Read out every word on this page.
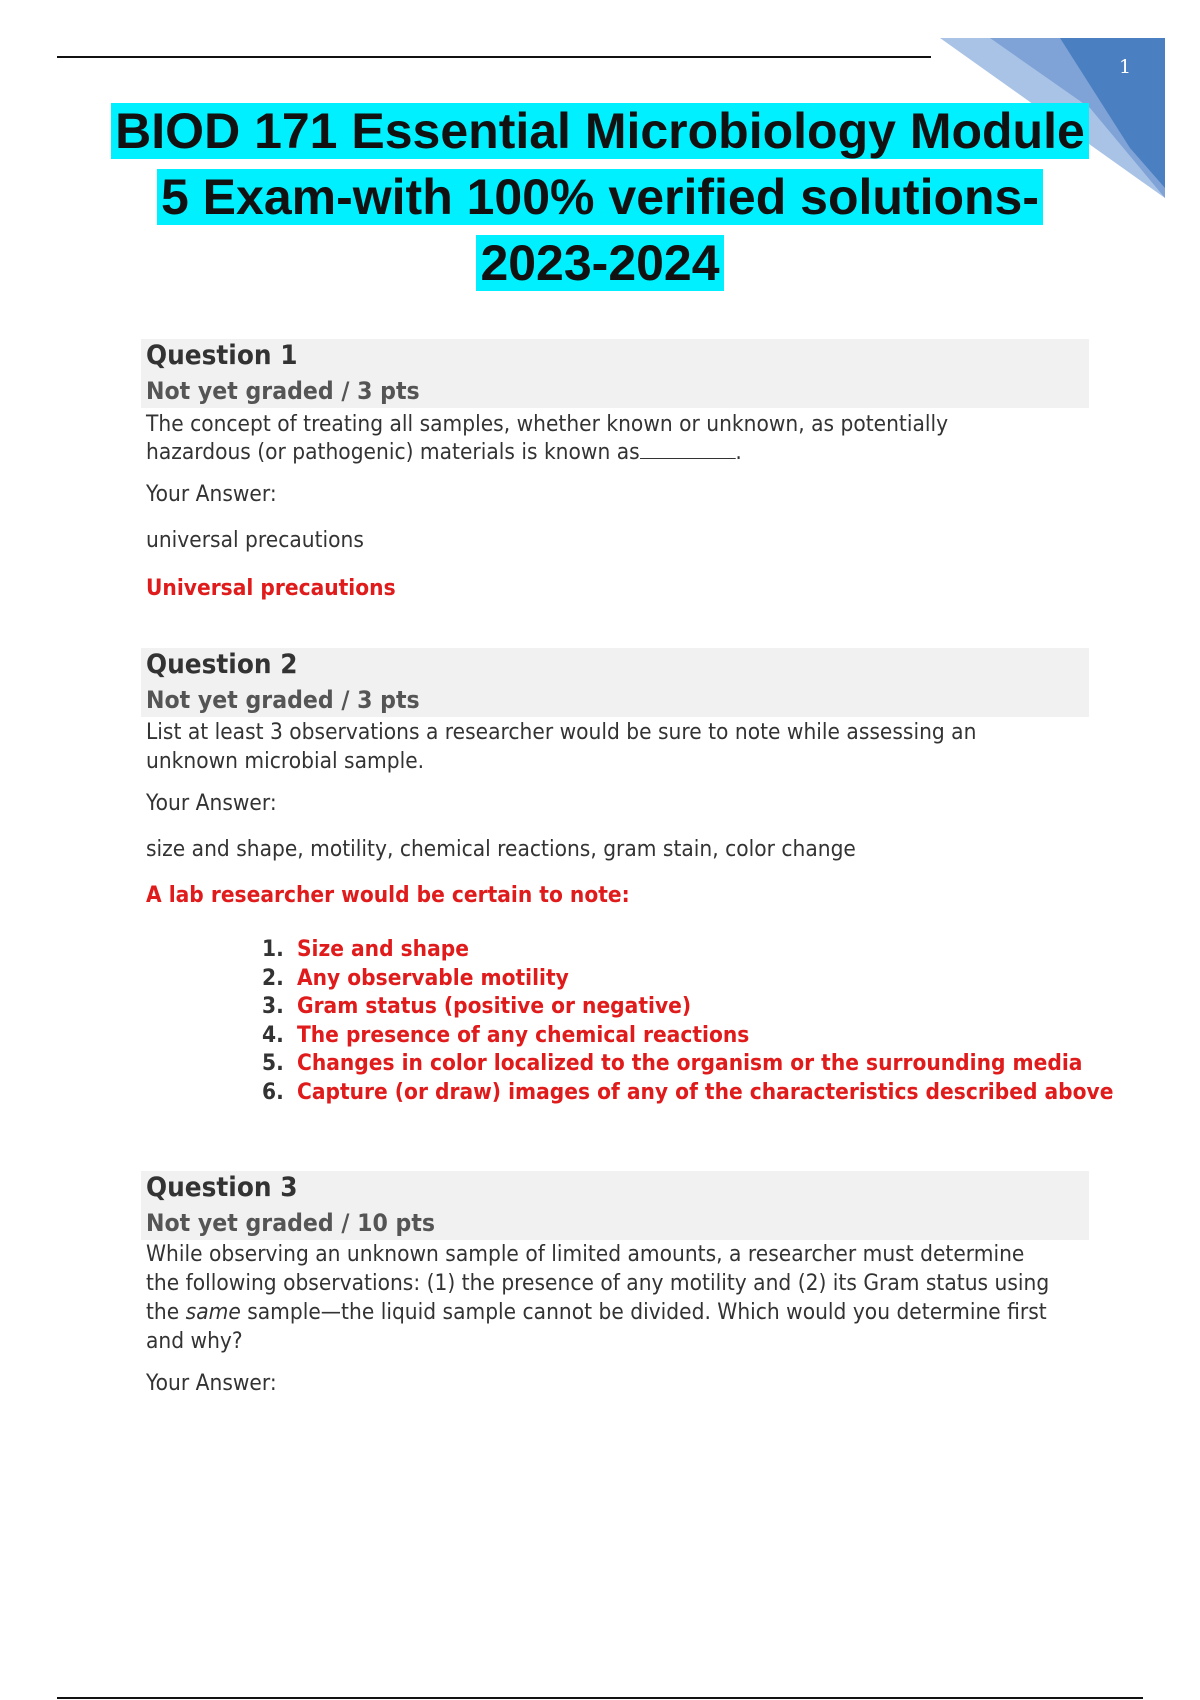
1
BIOD 171 Essential Microbiology Module
5 Exam-with 100% verified solutions-
2023-2024
Question 1
Not yet graded / 3 pts
The concept of treating all samples, whether known or unknown, as potentially
hazardous (or pathogenic) materials is known as	.
Your Answer:
universal precautions
Universal precautions
Question 2
Not yet graded / 3 pts
List at least 3 observations a researcher would be sure to note while assessing an
unknown microbial sample.
Your Answer:
size and shape, motility, chemical reactions, gram stain, color change
A lab researcher would be certain to note:
1. Size and shape
2. Any observable motility
3. Gram status (positive or negative)
4. The presence of any chemical reactions
5. Changes in color localized to the organism or the surrounding media
6. Capture (or draw) images of any of the characteristics described above
Question 3
Not yet graded / 10 pts
While observing an unknown sample of limited amounts, a researcher must determine
the following observations: (1) the presence of any motility and (2) its Gram status using
the same sample—the liquid sample cannot be divided. Which would you determine first
and why?
Your Answer:
